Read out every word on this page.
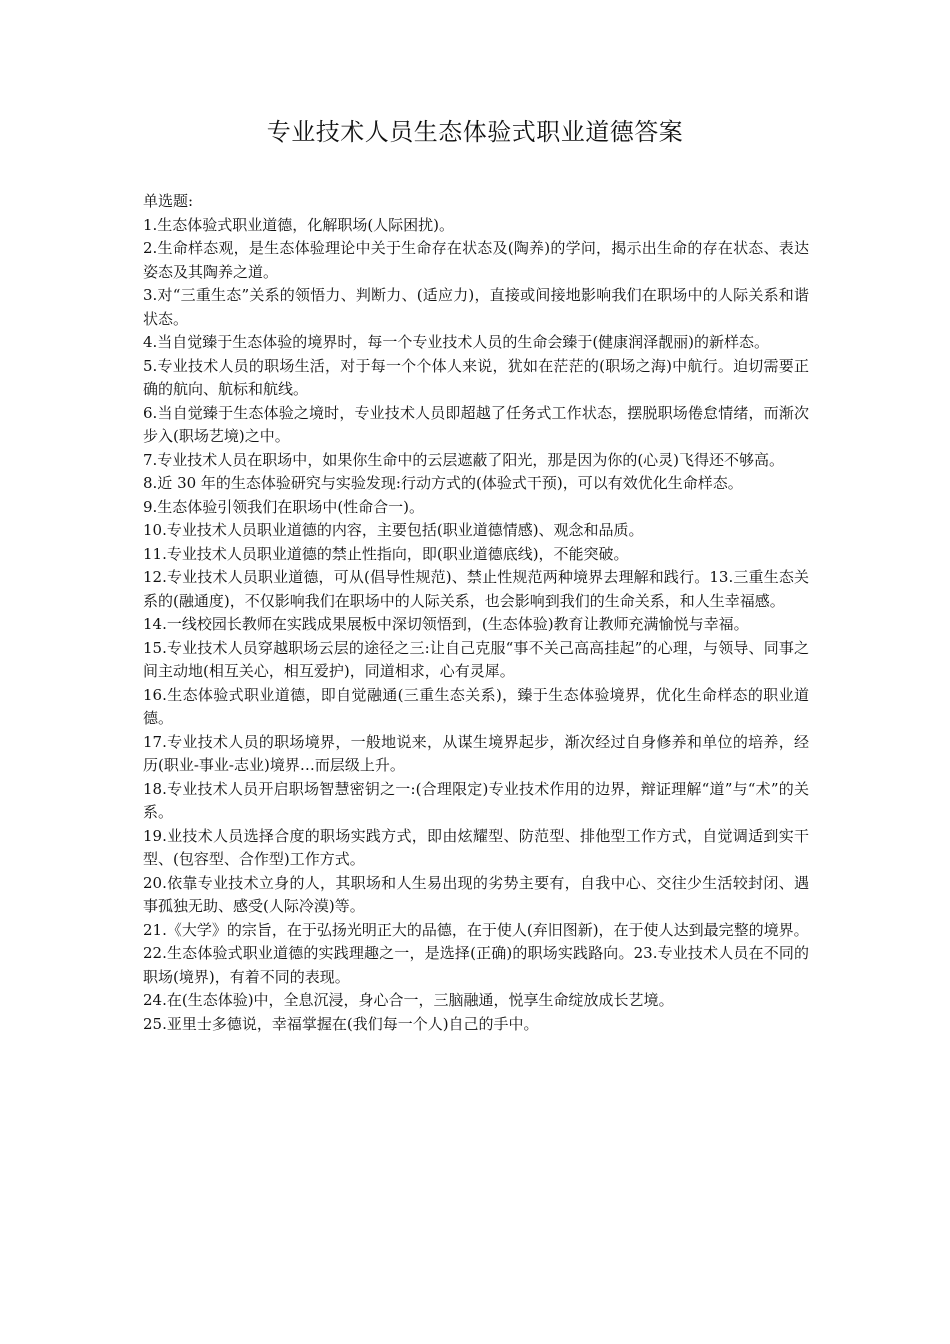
专业技术人员生态体验式职业道德答案

单选题:

1.生态体验式职业道德，化解职场(人际困扰)。

2.生命样态观，是生态体验理论中关于生命存在状态及(陶养)的学问，揭示出生命的存在状态、表达姿态及其陶养之道。

3.对“三重生态”关系的领悟力、判断力、(适应力)，直接或间接地影响我们在职场中的人际关系和谐状态。

4.当自觉臻于生态体验的境界时，每一个专业技术人员的生命会臻于(健康润泽靓丽)的新样态。

5.专业技术人员的职场生活，对于每一个个体人来说，犹如在茫茫的(职场之海)中航行。迫切需要正确的航向、航标和航线。

6.当自觉臻于生态体验之境时，专业技术人员即超越了任务式工作状态，摆脱职场倦怠情绪，而渐次步入(职场艺境)之中。

7.专业技术人员在职场中，如果你生命中的云层遮蔽了阳光，那是因为你的(心灵)飞得还不够高。

8.近 30 年的生态体验研究与实验发现:行动方式的(体验式干预)，可以有效优化生命样态。

9.生态体验引领我们在职场中(性命合一)。

10.专业技术人员职业道德的内容，主要包括(职业道德情感)、观念和品质。

11.专业技术人员职业道德的禁止性指向，即(职业道德底线)，不能突破。

12.专业技术人员职业道德，可从(倡导性规范)、禁止性规范两种境界去理解和践行。13.三重生态关系的(融通度)，不仅影响我们在职场中的人际关系，也会影响到我们的生命关系，和人生幸福感。

14.一线校园长教师在实践成果展板中深切领悟到，(生态体验)教育让教师充满愉悦与幸福。

15.专业技术人员穿越职场云层的途径之三:让自己克服“事不关己高高挂起”的心理，与领导、同事之间主动地(相互关心，相互爱护)，同道相求，心有灵犀。

16.生态体验式职业道德，即自觉融通(三重生态关系)，臻于生态体验境界，优化生命样态的职业道德。

17.专业技术人员的职场境界，一般地说来，从谋生境界起步，渐次经过自身修养和单位的培养，经历(职业-事业-志业)境界…而层级上升。

18.专业技术人员开启职场智慧密钥之一:(合理限定)专业技术作用的边界，辩证理解“道”与“术”的关系。

19.业技术人员选择合度的职场实践方式，即由炫耀型、防范型、排他型工作方式，自觉调适到实干型、(包容型、合作型)工作方式。

20.依靠专业技术立身的人，其职场和人生易出现的劣势主要有，自我中心、交往少生活较封闭、遇事孤独无助、感受(人际冷漠)等。

21.《大学》的宗旨，在于弘扬光明正大的品德，在于使人(弃旧图新)，在于使人达到最完整的境界。

22.生态体验式职业道德的实践理趣之一，是选择(正确)的职场实践路向。23.专业技术人员在不同的职场(境界)，有着不同的表现。

24.在(生态体验)中，全息沉浸，身心合一，三脑融通，悦享生命绽放成长艺境。

25.亚里士多德说，幸福掌握在(我们每一个人)自己的手中。
